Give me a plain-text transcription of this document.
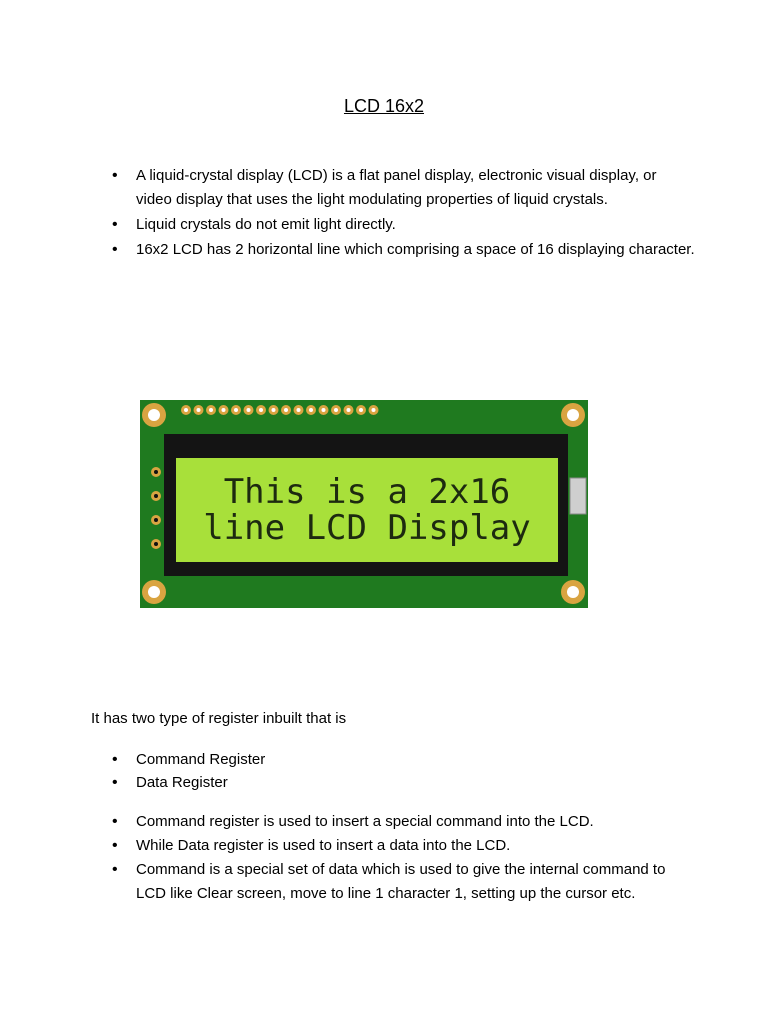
LCD 16x2
• A liquid-crystal display (LCD) is a flat panel display, electronic visual display, or video display that uses the light modulating properties of liquid crystals.
• Liquid crystals do not emit light directly.
• 16x2 LCD has 2 horizontal line which comprising a space of 16 displaying character.
This is a 2x16
line LCD Display
It has two type of register inbuilt that is
• Command Register
• Data Register
• Command register is used to insert a special command into the LCD.
• While Data register is used to insert a data into the LCD.
• Command is a special set of data which is used to give the internal command to LCD like Clear screen, move to line 1 character 1, setting up the cursor etc.
